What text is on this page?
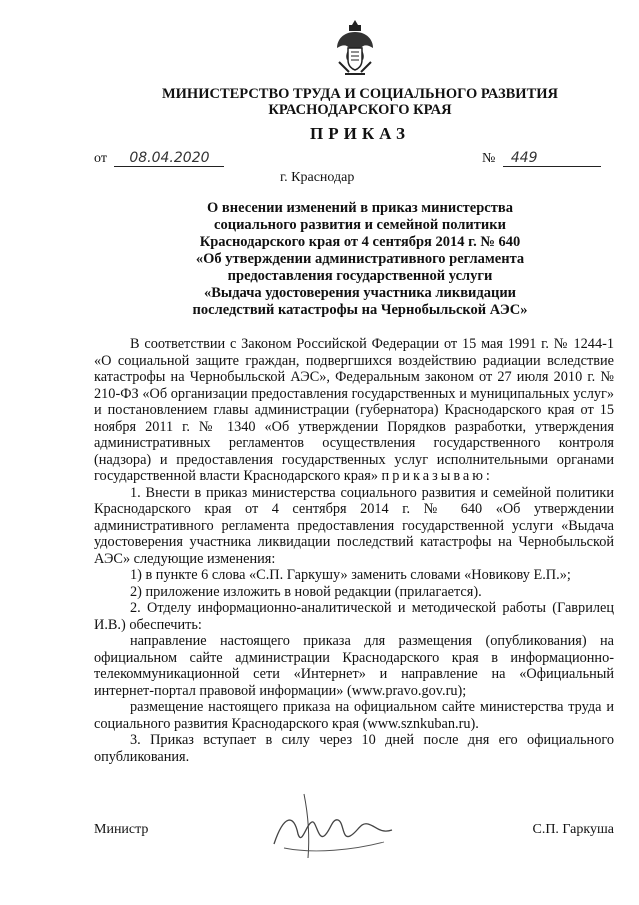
МИНИСТЕРСТВО ТРУДА И СОЦИАЛЬНОГО РАЗВИТИЯ
КРАСНОДАРСКОГО КРАЯ
ПРИКАЗ
от 08.04.2020	№ 449
г. Краснодар
О внесении изменений в приказ министерства
социального развития и семейной политики
Краснодарского края от 4 сентября 2014 г. № 640
«Об утверждении административного регламента
предоставления государственной услуги
«Выдача удостоверения участника ликвидации
последствий катастрофы на Чернобыльской АЭС»

В соответствии с Законом Российской Федерации от 15 мая 1991 г. № 1244-1 «О социальной защите граждан, подвергшихся воздействию радиации вследствие катастрофы на Чернобыльской АЭС», Федеральным законом от 27 июля 2010 г. № 210-ФЗ «Об организации предоставления государственных и муниципальных услуг» и постановлением главы администрации (губернатора) Краснодарского края от 15 ноября 2011 г. № 1340 «Об утверждении Порядков разработки, утверждения административных регламентов осуществления государственного контроля (надзора) и предоставления государственных услуг исполнительными органами государственной власти Краснодарского края» приказываю:

1. Внести в приказ министерства социального развития и семейной политики Краснодарского края от 4 сентября 2014 г. № 640 «Об утверждении административного регламента предоставления государственной услуги «Выдача удостоверения участника ликвидации последствий катастрофы на Чернобыльской АЭС» следующие изменения:

1) в пункте 6 слова «С.П. Гаркушу» заменить словами «Новикову Е.П.»;

2) приложение изложить в новой редакции (прилагается).

2. Отделу информационно-аналитической и методической работы (Гаврилец И.В.) обеспечить:

направление настоящего приказа для размещения (опубликования) на официальном сайте администрации Краснодарского края в информационно-телекоммуникационной сети «Интернет» и направление на «Официальный интернет-портал правовой информации» (www.pravo.gov.ru);

размещение настоящего приказа на официальном сайте министерства труда и социального развития Краснодарского края (www.sznkuban.ru).

3. Приказ вступает в силу через 10 дней после дня его официального опубликования.

Министр	С.П. Гаркуша
